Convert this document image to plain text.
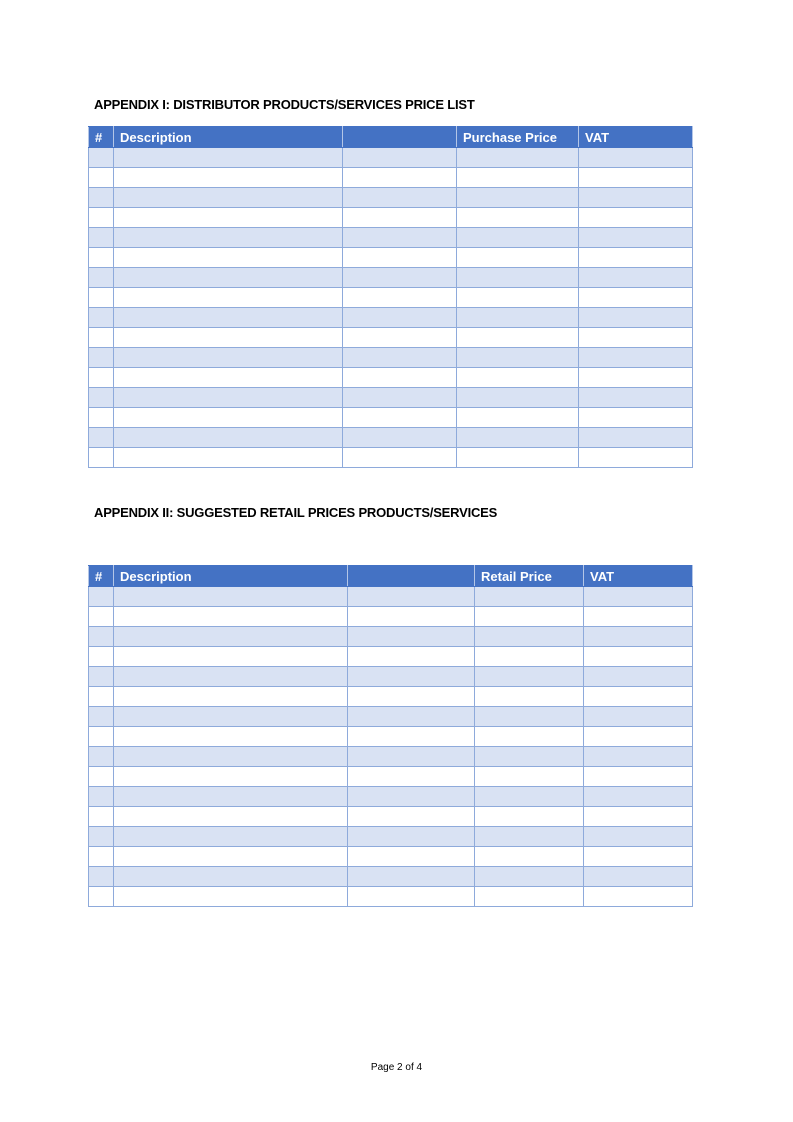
APPENDIX I: DISTRIBUTOR PRODUCTS/SERVICES PRICE LIST
#	Description		Purchase Price	VAT

APPENDIX II: SUGGESTED RETAIL PRICES PRODUCTS/SERVICES
#	Description		Retail Price	VAT

Page 2 of 4
